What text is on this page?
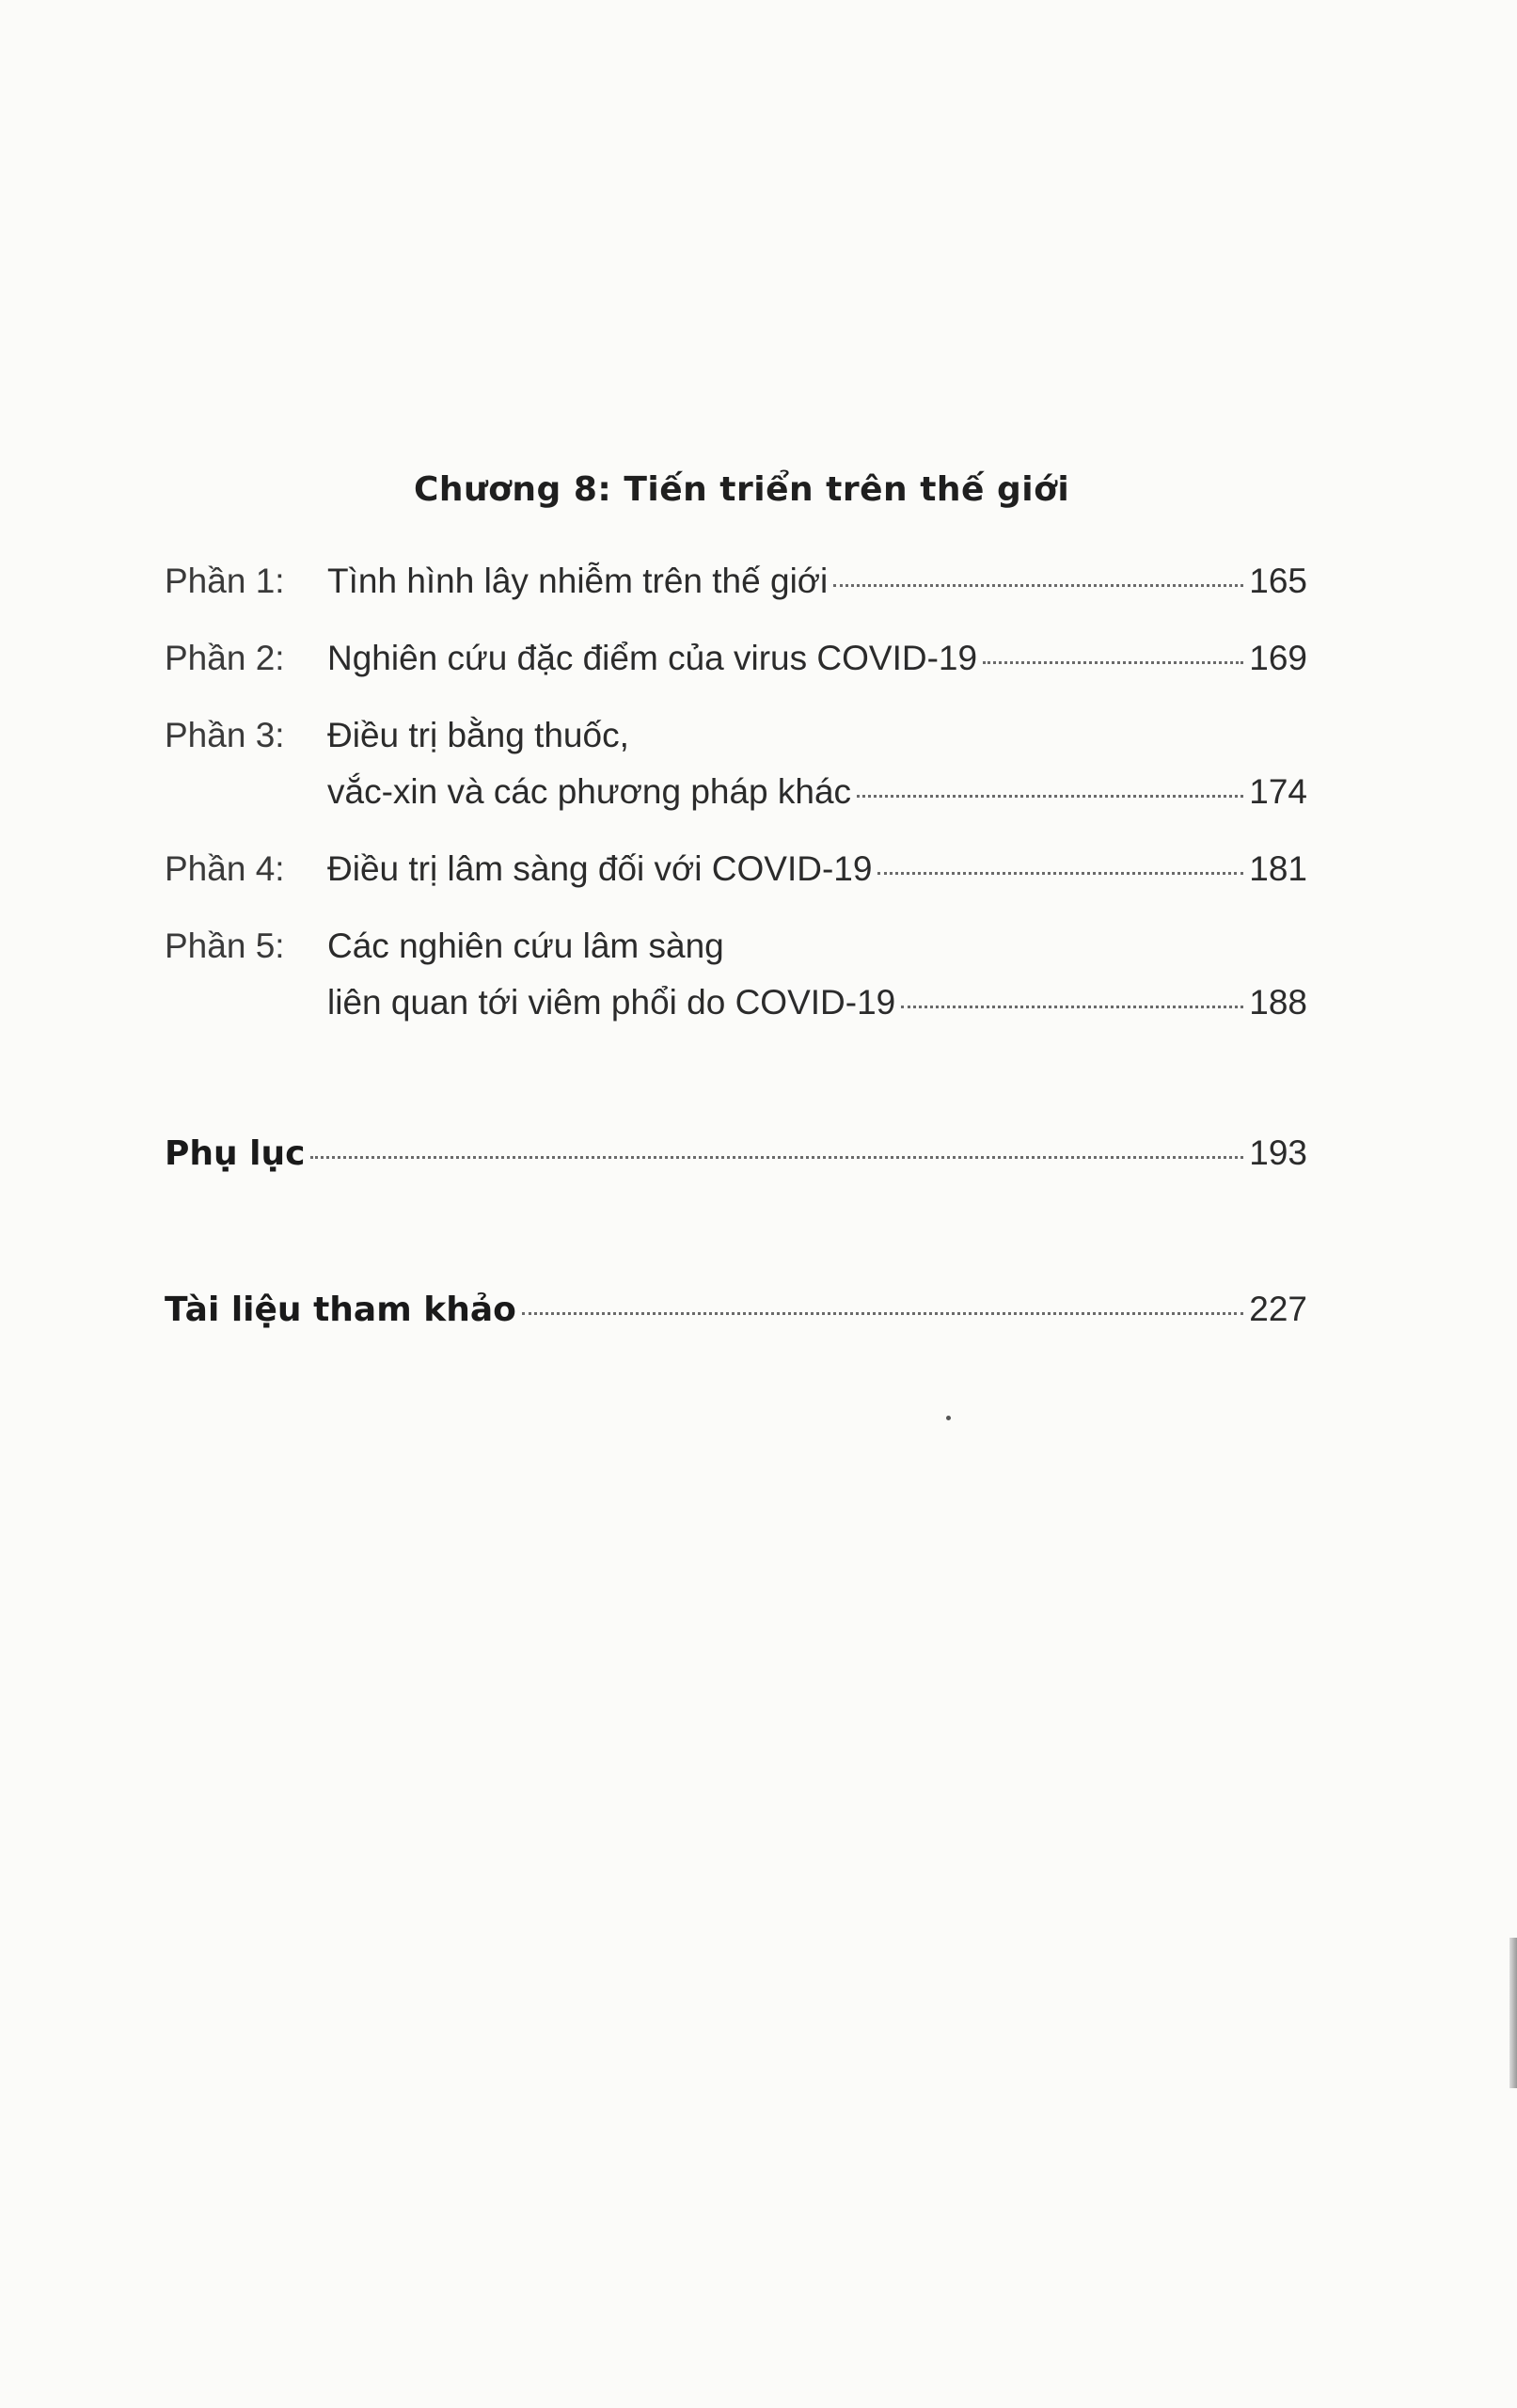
Chương 8: Tiến triển trên thế giới
Phần 1:	Tình hình lây nhiễm trên thế giới	165
Phần 2:	Nghiên cứu đặc điểm của virus COVID-19	169
Phần 3:	Điều trị bằng thuốc,
vắc-xin và các phương pháp khác	174
Phần 4:	Điều trị lâm sàng đối với COVID-19	181
Phần 5:	Các nghiên cứu lâm sàng
liên quan tới viêm phổi do COVID-19	188
Phụ lục	193
Tài liệu tham khảo	227
